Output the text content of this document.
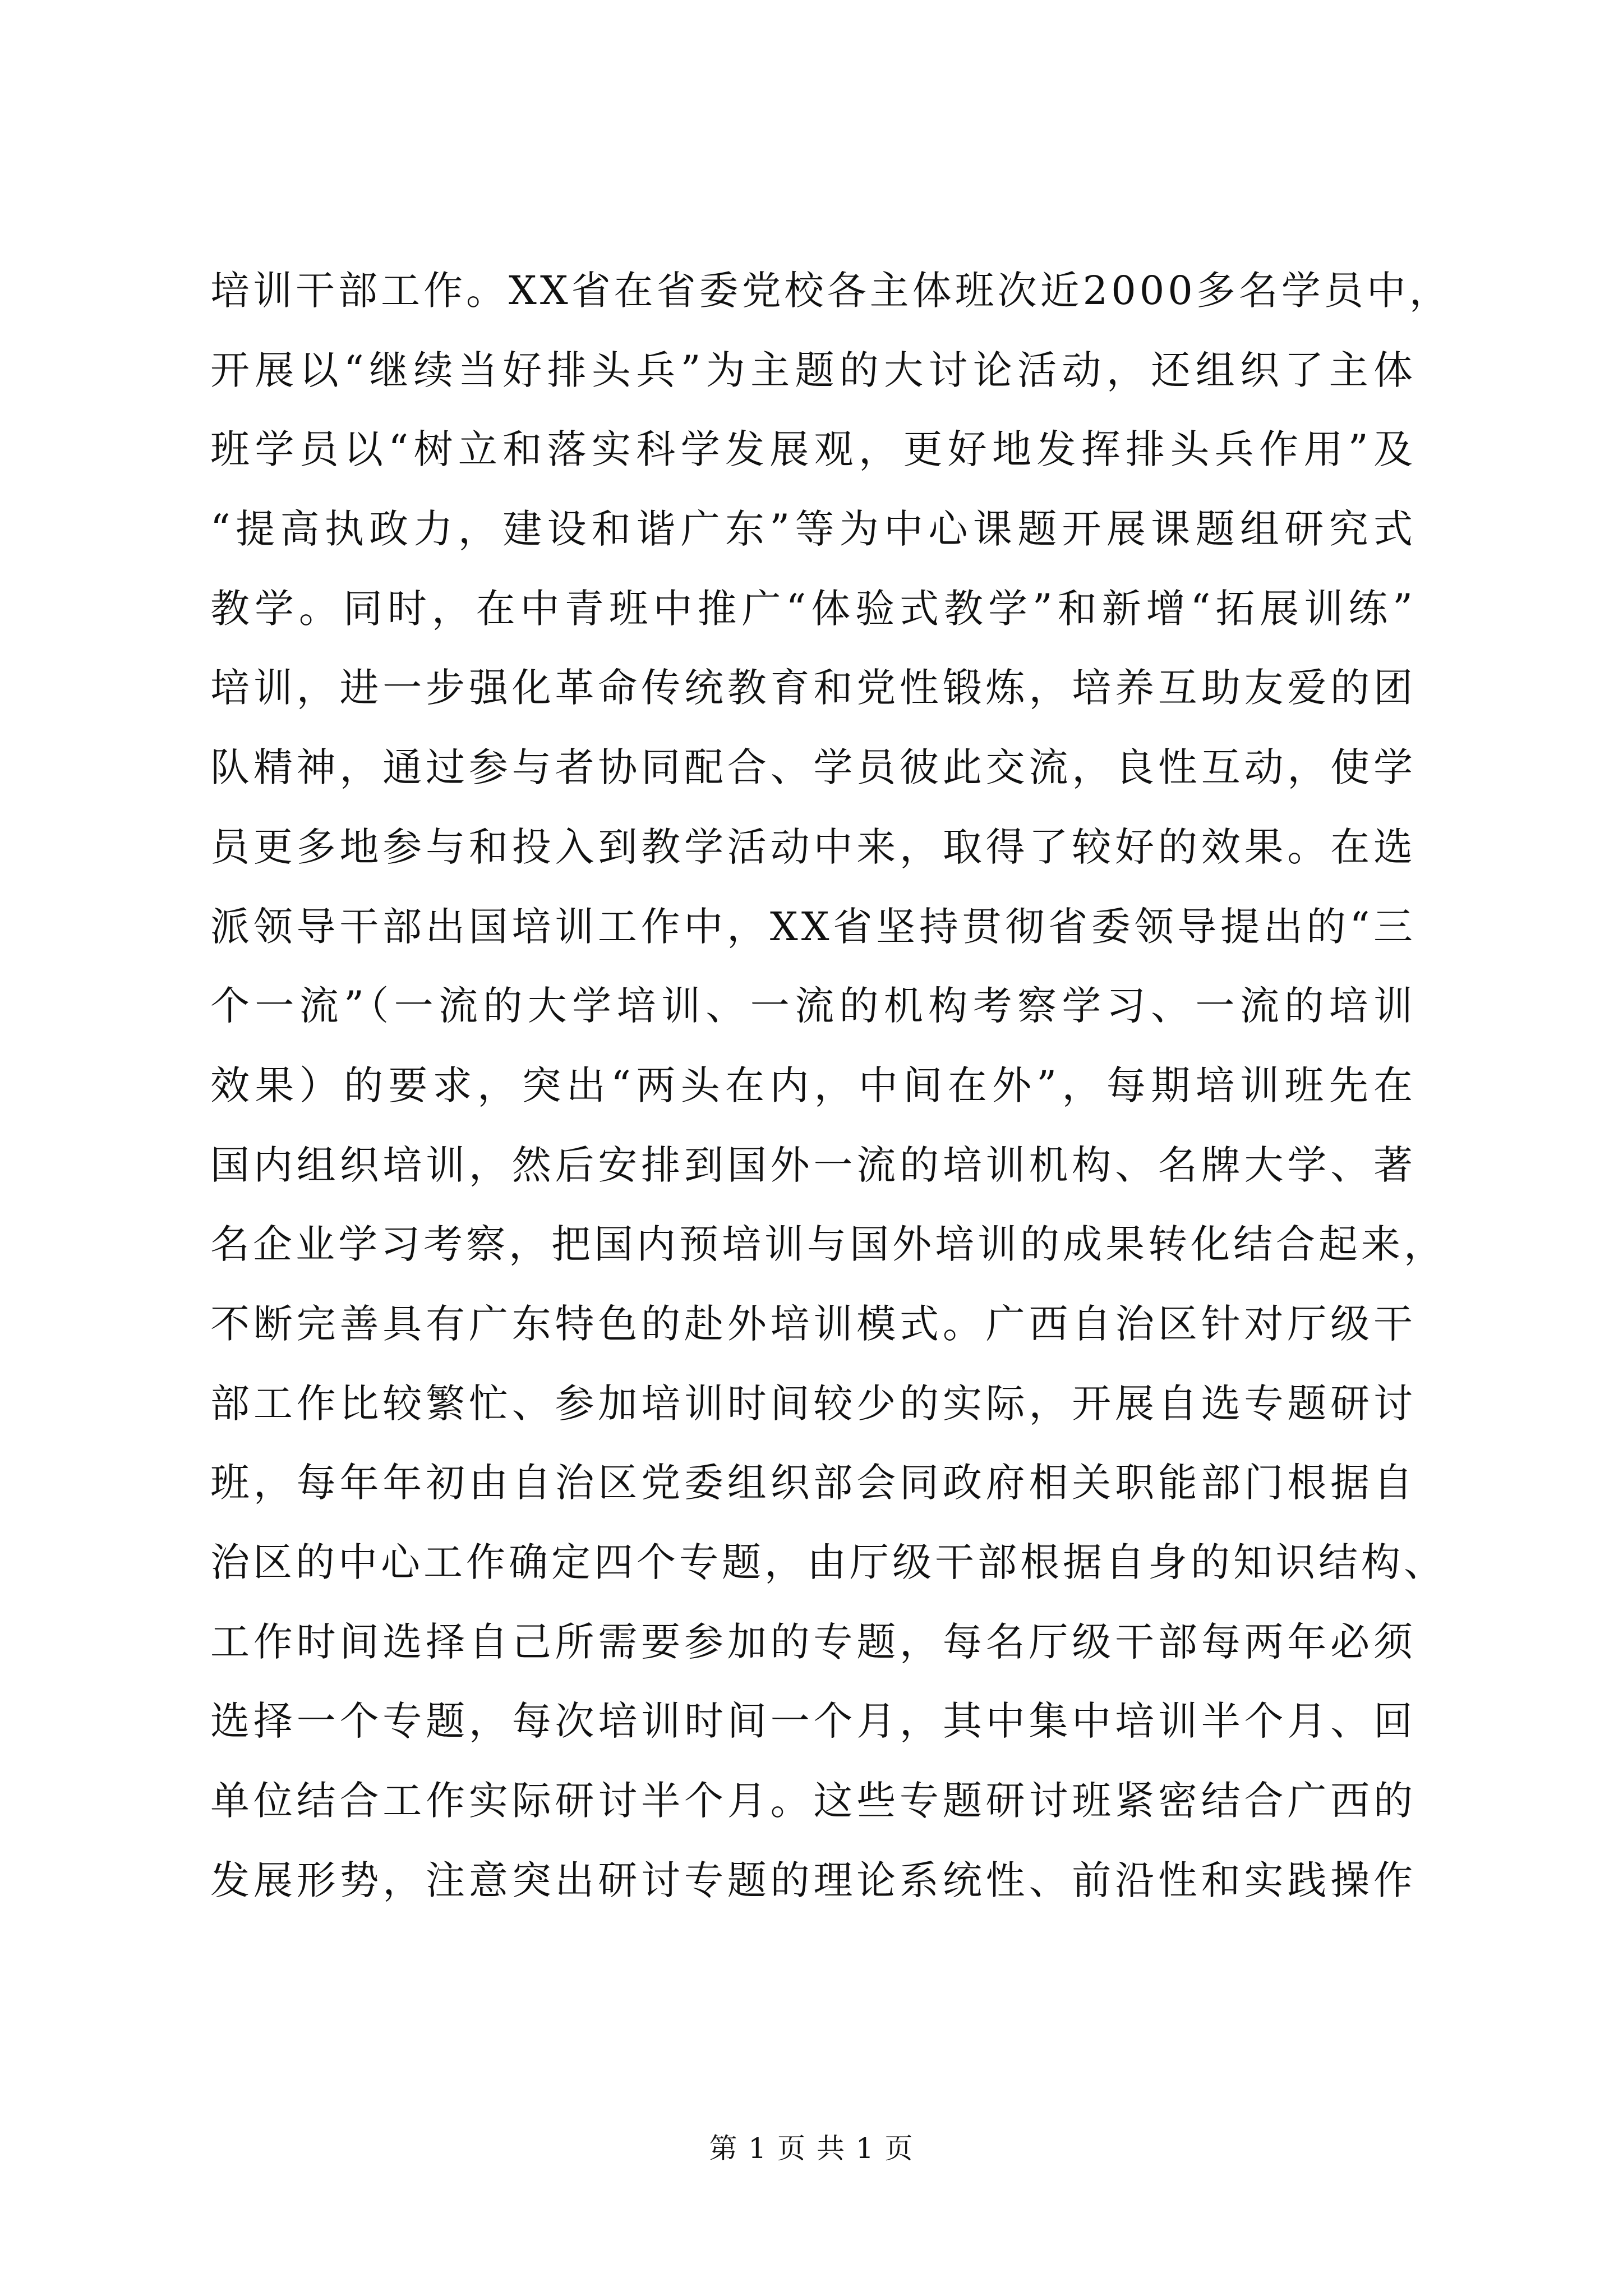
培训干部工作。XX省在省委党校各主体班次近2000多名学员中，
开展以“继续当好排头兵”为主题的大讨论活动，还组织了主体
班学员以“树立和落实科学发展观，更好地发挥排头兵作用”及
“提高执政力，建设和谐广东”等为中心课题开展课题组研究式
教学。同时，在中青班中推广“体验式教学”和新增“拓展训练”
培训，进一步强化革命传统教育和党性锻炼，培养互助友爱的团
队精神，通过参与者协同配合、学员彼此交流，良性互动，使学
员更多地参与和投入到教学活动中来，取得了较好的效果。在选
派领导干部出国培训工作中，XX省坚持贯彻省委领导提出的“三
个一流”（一流的大学培训、一流的机构考察学习、一流的培训
效果）的要求，突出“两头在内，中间在外”，每期培训班先在
国内组织培训，然后安排到国外一流的培训机构、名牌大学、著
名企业学习考察，把国内预培训与国外培训的成果转化结合起来，
不断完善具有广东特色的赴外培训模式。广西自治区针对厅级干
部工作比较繁忙、参加培训时间较少的实际，开展自选专题研讨
班，每年年初由自治区党委组织部会同政府相关职能部门根据自
治区的中心工作确定四个专题，由厅级干部根据自身的知识结构、
工作时间选择自己所需要参加的专题，每名厅级干部每两年必须
选择一个专题，每次培训时间一个月，其中集中培训半个月、回
单位结合工作实际研讨半个月。这些专题研讨班紧密结合广西的
发展形势，注意突出研讨专题的理论系统性、前沿性和实践操作
第 1 页 共 1 页
